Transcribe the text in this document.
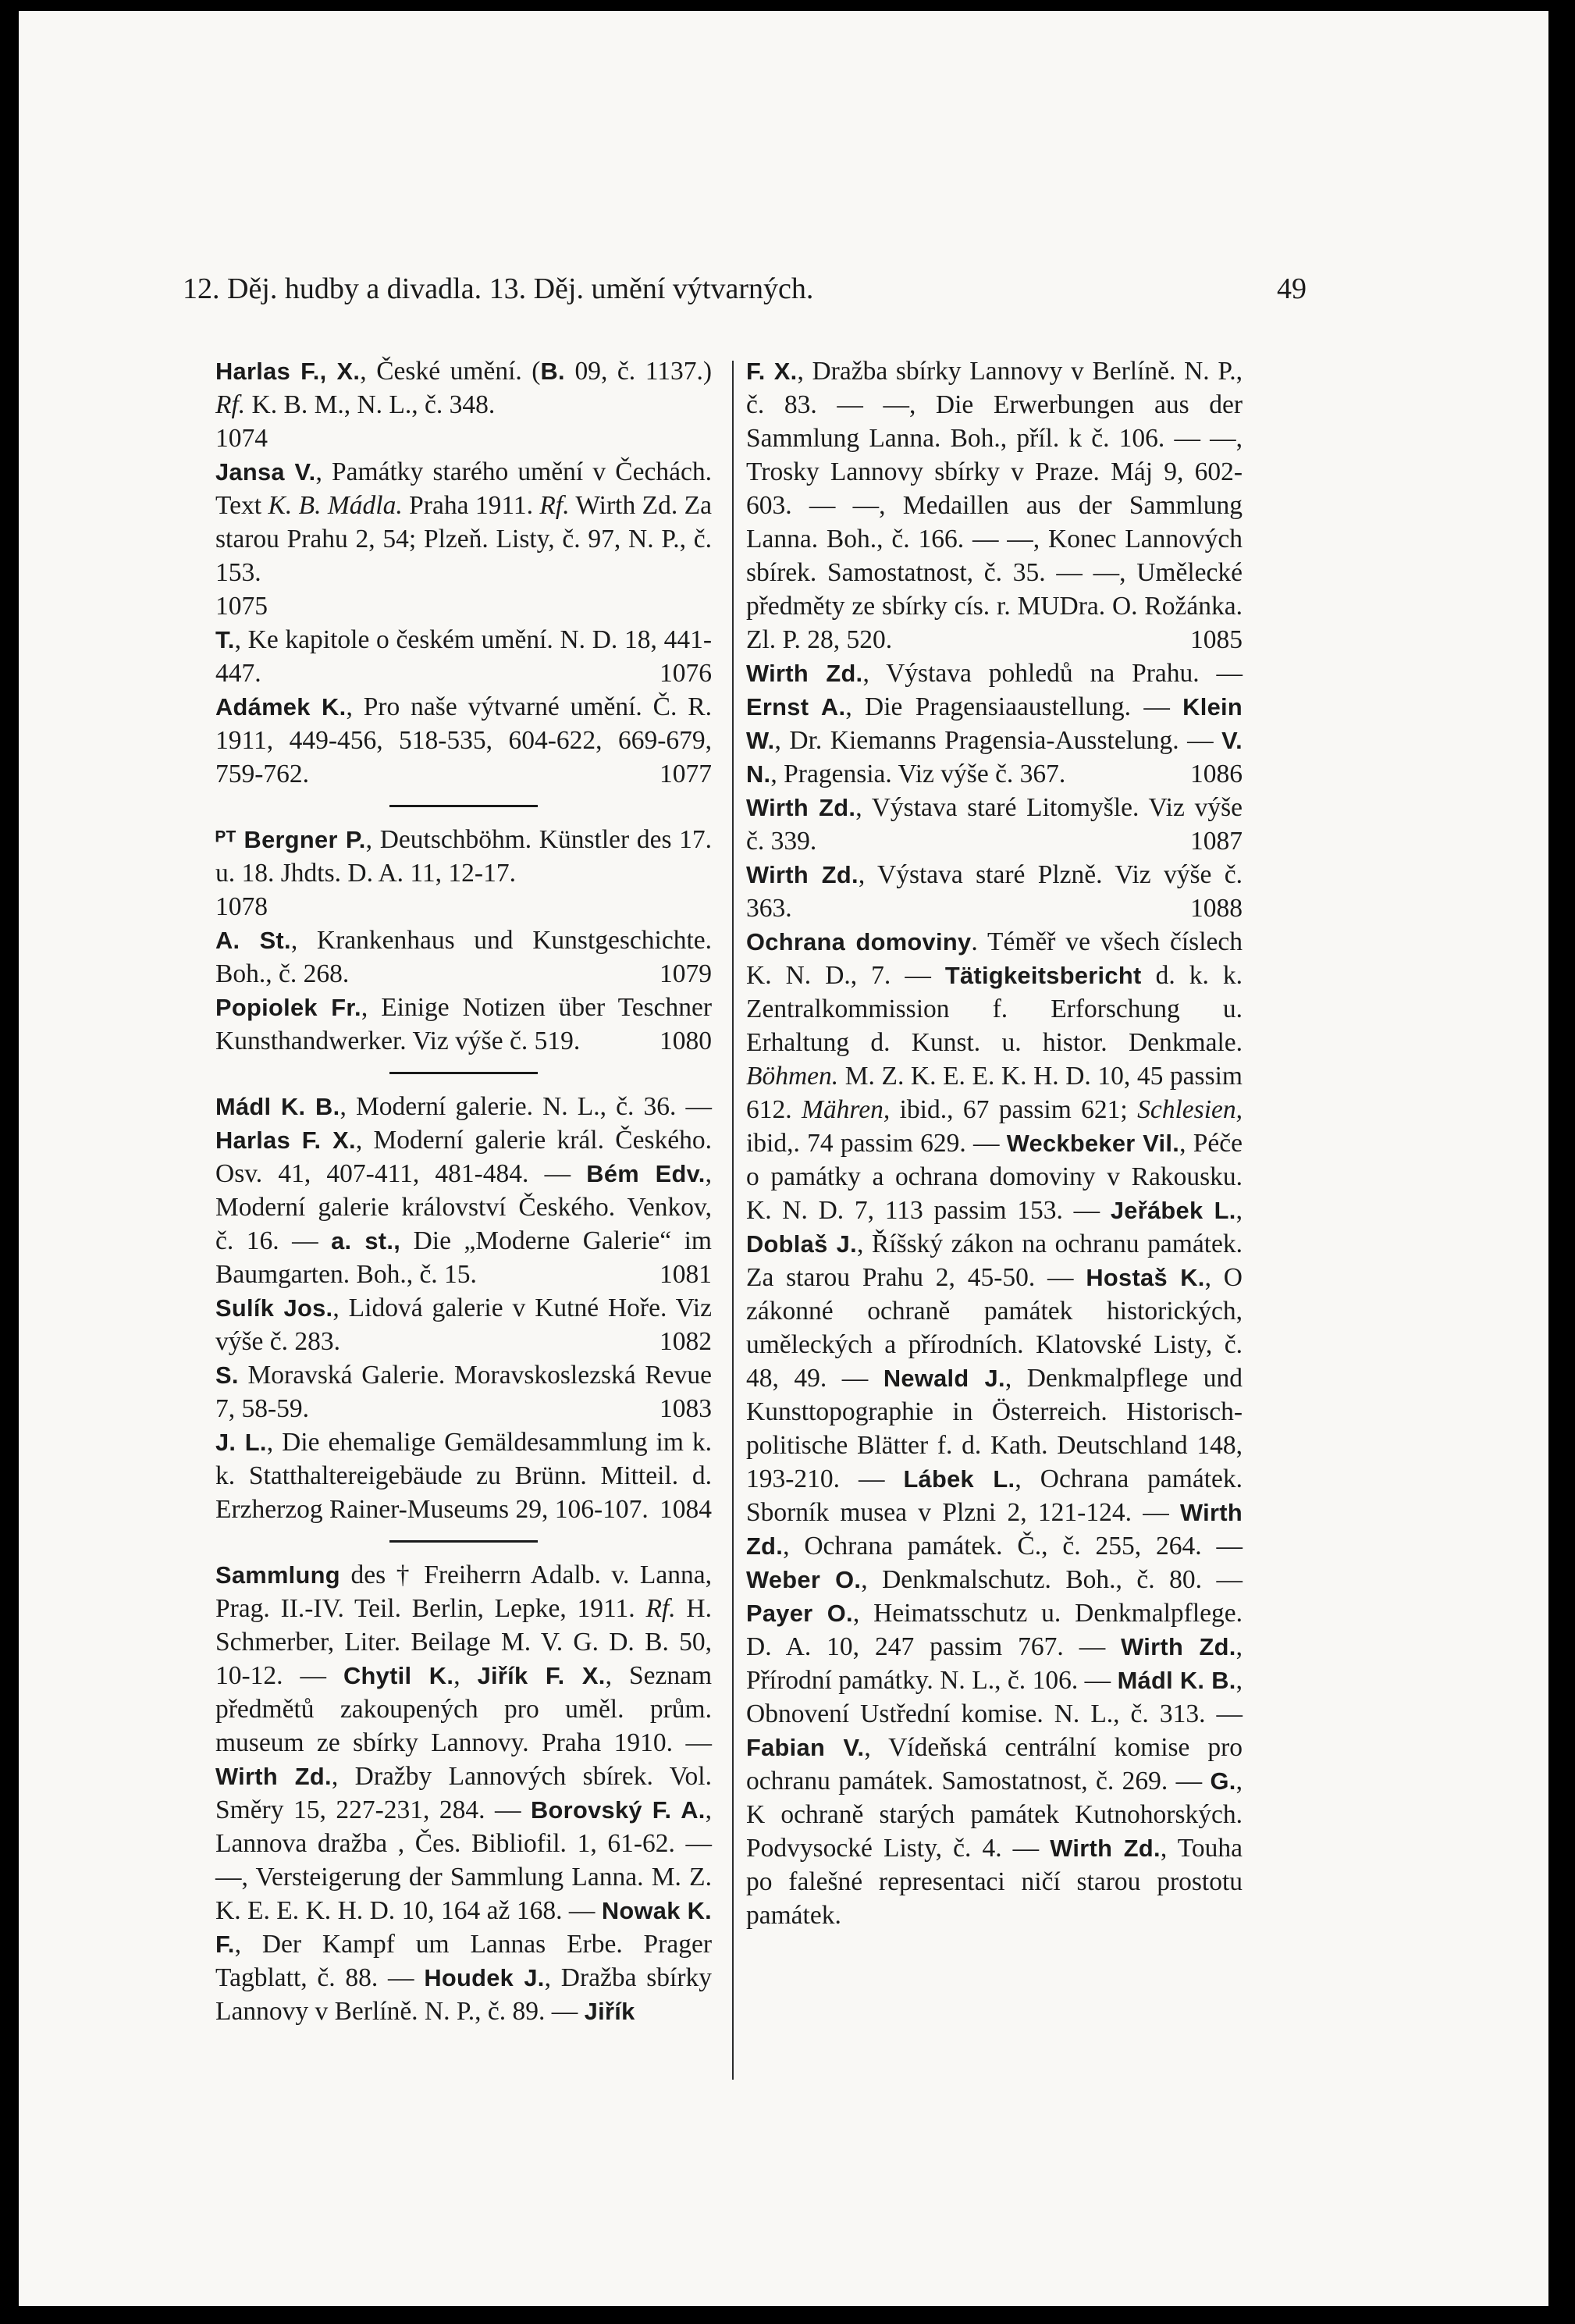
12. Děj. hudby a divadla. 13. Děj. umění výtvarných.	49
Harlas F., X., České umění. (B. 09, č. 1137.) Rf. K. B. M., N. L., č. 348.
1074
Jansa V., Památky starého umění v Čechách. Text K. B. Mádla. Praha 1911. Rf. Wirth Zd. Za starou Prahu 2, 54; Plzeň. Listy, č. 97, N. P., č. 153.
1075
T., Ke kapitole o českém umění. N. D. 18, 441-447.	1076
Adámek K., Pro naše výtvarné umění. Č. R. 1911, 449-456, 518-535, 604-622, 669-679, 759-762.	1077
ᴾᵀ Bergner P., Deutschböhm. Künstler des 17. u. 18. Jhdts. D. A. 11, 12-17.
1078
A. St., Krankenhaus und Kunstgeschichte. Boh., č. 268.	1079
Popiolek Fr., Einige Notizen über Teschner Kunsthandwerker. Viz výše č. 519.	1080
Mádl K. B., Moderní galerie. N. L., č. 36. — Harlas F. X., Moderní galerie král. Českého. Osv. 41, 407-411, 481-484. — Bém Edv., Moderní galerie království Českého. Venkov, č. 16. — a. st., Die „Moderne Galerie“ im Baumgarten. Boh., č. 15.	1081
Sulík Jos., Lidová galerie v Kutné Hoře. Viz výše č. 283.	1082
S. Moravská Galerie. Moravskoslezská Revue 7, 58-59.	1083
J. L., Die ehemalige Gemäldesammlung im k. k. Statthaltereigebäude zu Brünn. Mitteil. d. Erzherzog Rainer-Museums 29, 106-107. 1084
Sammlung des † Freiherrn Adalb. v. Lanna, Prag. II.-IV. Teil. Berlin, Lepke, 1911. Rf. H. Schmerber, Liter. Beilage M. V. G. D. B. 50, 10-12. — Chytil K., Jiřík F. X., Seznam předmětů zakoupených pro uměl. prům. museum ze sbírky Lannovy. Praha 1910. — Wirth Zd., Dražby Lannových sbírek. Vol. Směry 15, 227-231, 284. — Borovský F. A., Lannova dražba , Čes. Bibliofil. 1, 61-62. — —, Versteigerung der Sammlung Lanna. M. Z. K. E. E. K. H. D. 10, 164 až 168. — Nowak K. F., Der Kampf um Lannas Erbe. Prager Tagblatt, č. 88. — Houdek J., Dražba sbírky Lannovy v Berlíně. N. P., č. 89. — Jiřík
F. X., Dražba sbírky Lannovy v Berlíně. N. P., č. 83. — —, Die Erwerbungen aus der Sammlung Lanna. Boh., příl. k č. 106. — —, Trosky Lannovy sbírky v Praze. Máj 9, 602-603. — —, Medaillen aus der Sammlung Lanna. Boh., č. 166. — —, Konec Lannových sbírek. Samostatnost, č. 35. — —, Umělecké předměty ze sbírky cís. r. MUDra. O. Rožánka. Zl. P. 28, 520.	1085
Wirth Zd., Výstava pohledů na Prahu. — Ernst A., Die Pragensiaaustellung. — Klein W., Dr. Kiemanns Pragensia-Ausstelung. — V. N., Pragensia. Viz výše č. 367.	1086
Wirth Zd., Výstava staré Litomyšle. Viz výše č. 339.	1087
Wirth Zd., Výstava staré Plzně. Viz výše č. 363.	1088
Ochrana domoviny. Téměř ve všech číslech K. N. D., 7. — Tätigkeitsbericht d. k. k. Zentralkommission f. Erforschung u. Erhaltung d. Kunst. u. histor. Denkmale. Böhmen. M. Z. K. E. E. K. H. D. 10, 45 passim 612. Mähren, ibid., 67 passim 621; Schlesien, ibid,. 74 passim 629. — Weckbeker Vil., Péče o památky a ochrana domoviny v Rakousku. K. N. D. 7, 113 passim 153. — Jeřábek L., Doblaš J., Říšský zákon na ochranu památek. Za starou Prahu 2, 45-50. — Hostaš K., O zákonné ochraně památek historických, uměleckých a přírodních. Klatovské Listy, č. 48, 49. — Newald J., Denkmalpflege und Kunsttopographie in Österreich. Historisch-politische Blätter f. d. Kath. Deutschland 148, 193-210. — Lábek L., Ochrana památek. Sborník musea v Plzni 2, 121-124. — Wirth Zd., Ochrana památek. Č., č. 255, 264. — Weber O., Denkmalschutz. Boh., č. 80. — Payer O., Heimatsschutz u. Denkmalpflege. D. A. 10, 247 passim 767. — Wirth Zd., Přírodní památky. N. L., č. 106. — Mádl K. B., Obnovení Ustřední komise. N. L., č. 313. — Fabian V., Vídeňská centrální komise pro ochranu památek. Samostatnost, č. 269. — G., K ochraně starých památek Kutnohorských. Podvysocké Listy, č. 4. — Wirth Zd., Touha po falešné representaci ničí starou prostotu památek.
